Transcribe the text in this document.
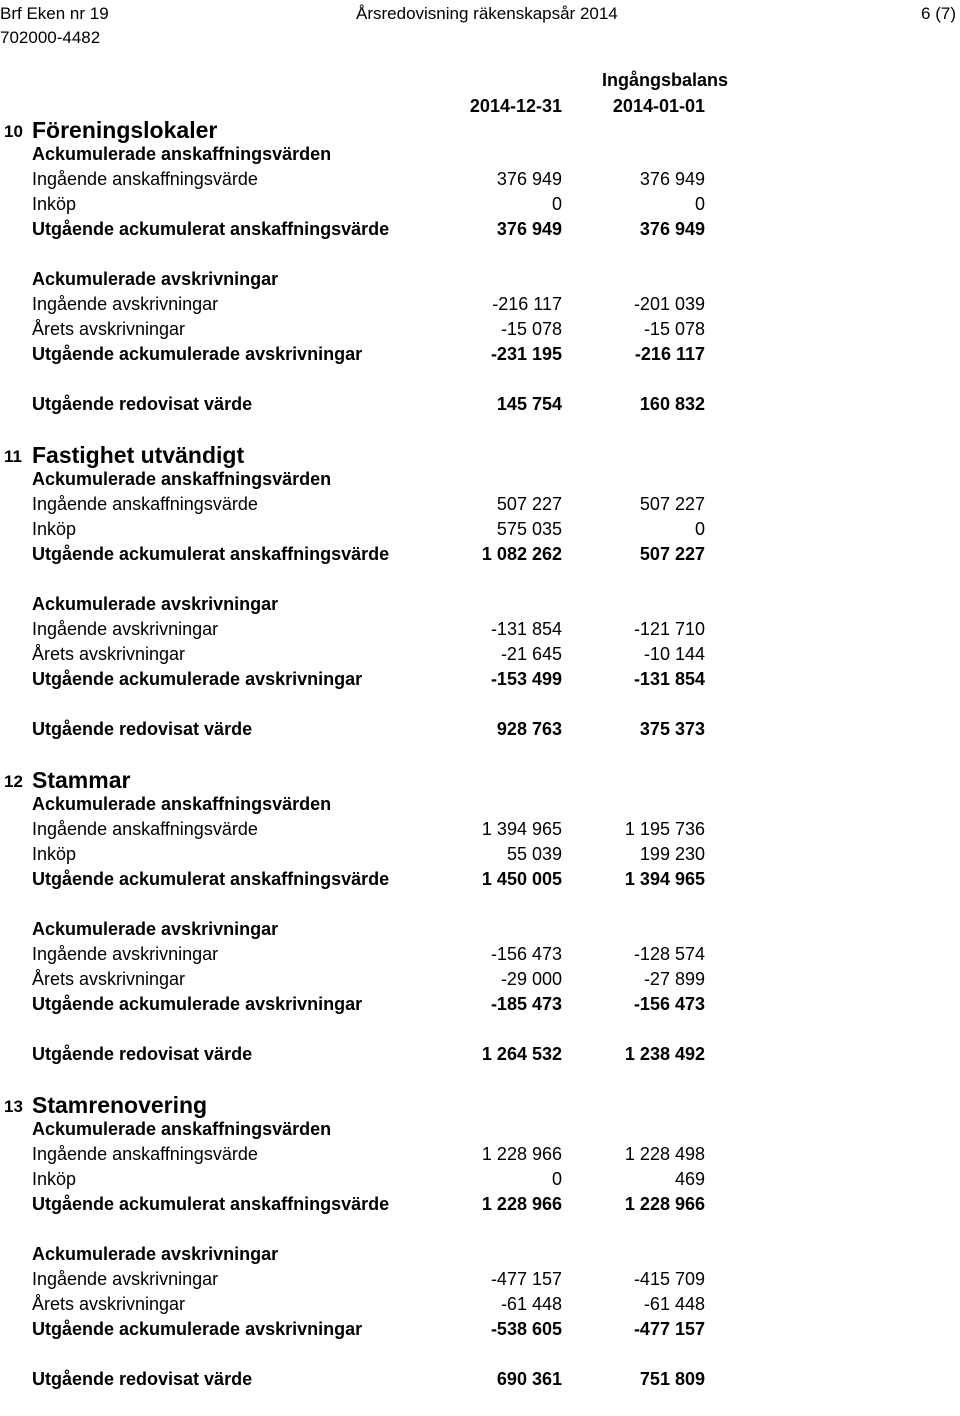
Brf Eken nr 19
702000-4482
Årsredovisning räkenskapsår 2014	6 (7)
Ingångsbalans
2014-12-31	2014-01-01
10 Föreningslokaler
Ackumulerade anskaffningsvärden
Ingående anskaffningsvärde	376 949	376 949
Inköp	0	0
Utgående ackumulerat anskaffningsvärde	376 949	376 949
Ackumulerade avskrivningar
Ingående avskrivningar	-216 117	-201 039
Årets avskrivningar	-15 078	-15 078
Utgående ackumulerade avskrivningar	-231 195	-216 117
Utgående redovisat värde	145 754	160 832
11 Fastighet utvändigt
Ackumulerade anskaffningsvärden
Ingående anskaffningsvärde	507 227	507 227
Inköp	575 035	0
Utgående ackumulerat anskaffningsvärde	1 082 262	507 227
Ackumulerade avskrivningar
Ingående avskrivningar	-131 854	-121 710
Årets avskrivningar	-21 645	-10 144
Utgående ackumulerade avskrivningar	-153 499	-131 854
Utgående redovisat värde	928 763	375 373
12 Stammar
Ackumulerade anskaffningsvärden
Ingående anskaffningsvärde	1 394 965	1 195 736
Inköp	55 039	199 230
Utgående ackumulerat anskaffningsvärde	1 450 005	1 394 965
Ackumulerade avskrivningar
Ingående avskrivningar	-156 473	-128 574
Årets avskrivningar	-29 000	-27 899
Utgående ackumulerade avskrivningar	-185 473	-156 473
Utgående redovisat värde	1 264 532	1 238 492
13 Stamrenovering
Ackumulerade anskaffningsvärden
Ingående anskaffningsvärde	1 228 966	1 228 498
Inköp	0	469
Utgående ackumulerat anskaffningsvärde	1 228 966	1 228 966
Ackumulerade avskrivningar
Ingående avskrivningar	-477 157	-415 709
Årets avskrivningar	-61 448	-61 448
Utgående ackumulerade avskrivningar	-538 605	-477 157
Utgående redovisat värde	690 361	751 809
